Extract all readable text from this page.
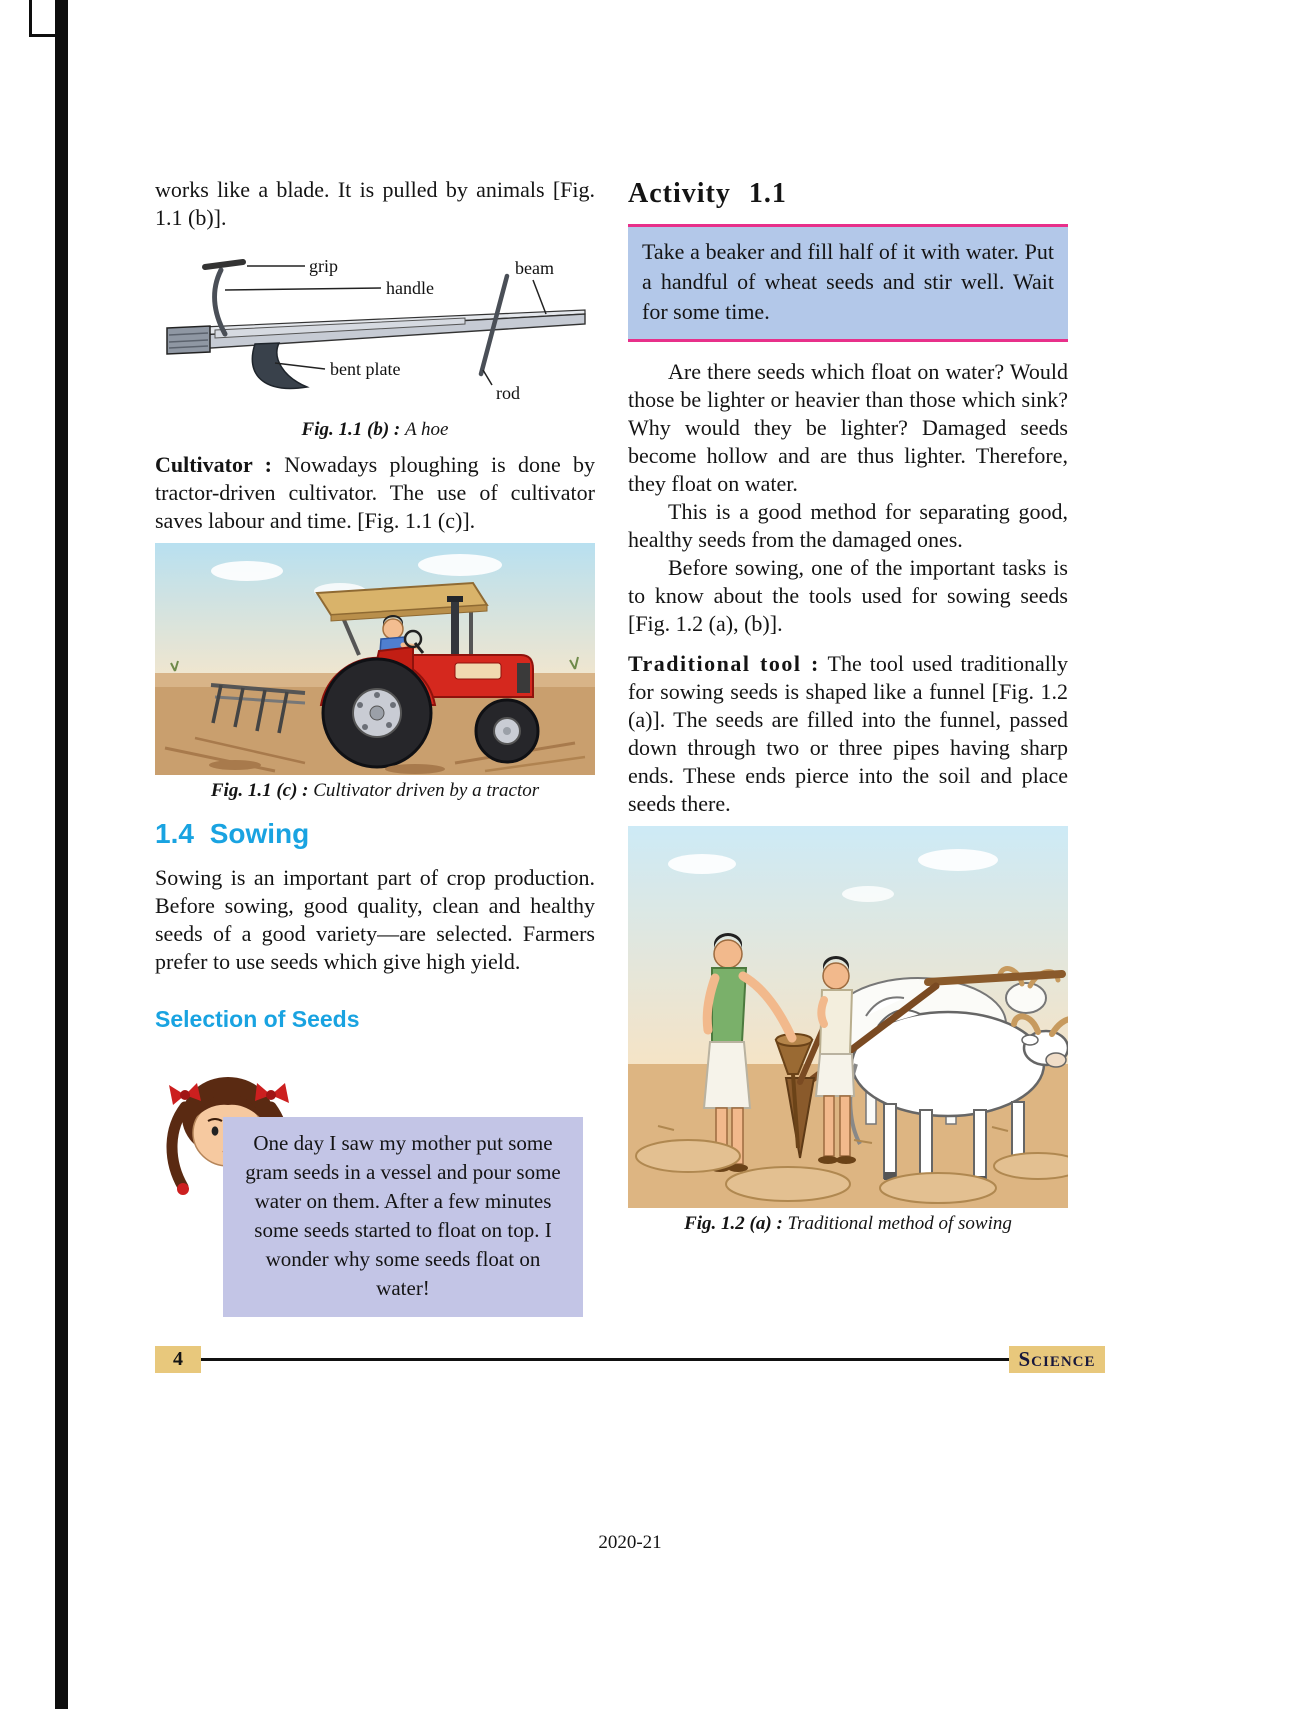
works like a blade. It is pulled by animals [Fig. 1.1 (b)].

grip
handle
beam
bent plate
rod
Fig. 1.1 (b) : A hoe

Cultivator : Nowadays ploughing is done by tractor-driven cultivator. The use of cultivator saves labour and time. [Fig. 1.1 (c)].

Fig. 1.1 (c) : Cultivator driven by a tractor
1.4 Sowing

Sowing is an important part of crop production. Before sowing, good quality, clean and healthy seeds of a good variety—are selected. Farmers prefer to use seeds which give high yield.

Selection of Seeds

One day I saw my mother put some gram seeds in a vessel and pour some water on them. After a few minutes some seeds started to float on top. I wonder why some seeds float on water!

Activity 1.1

Take a beaker and fill half of it with water. Put a handful of wheat seeds and stir well. Wait for some time.

Are there seeds which float on water? Would those be lighter or heavier than those which sink? Why would they be lighter? Damaged seeds become hollow and are thus lighter. Therefore, they float on water.

This is a good method for separating good, healthy seeds from the damaged ones.

Before sowing, one of the important tasks is to know about the tools used for sowing seeds [Fig. 1.2 (a), (b)].

Traditional tool : The tool used traditionally for sowing seeds is shaped like a funnel [Fig. 1.2 (a)]. The seeds are filled into the funnel, passed down through two or three pipes having sharp ends. These ends pierce into the soil and place seeds there.

Fig. 1.2 (a) : Traditional method of sowing
4	Science
2020-21
